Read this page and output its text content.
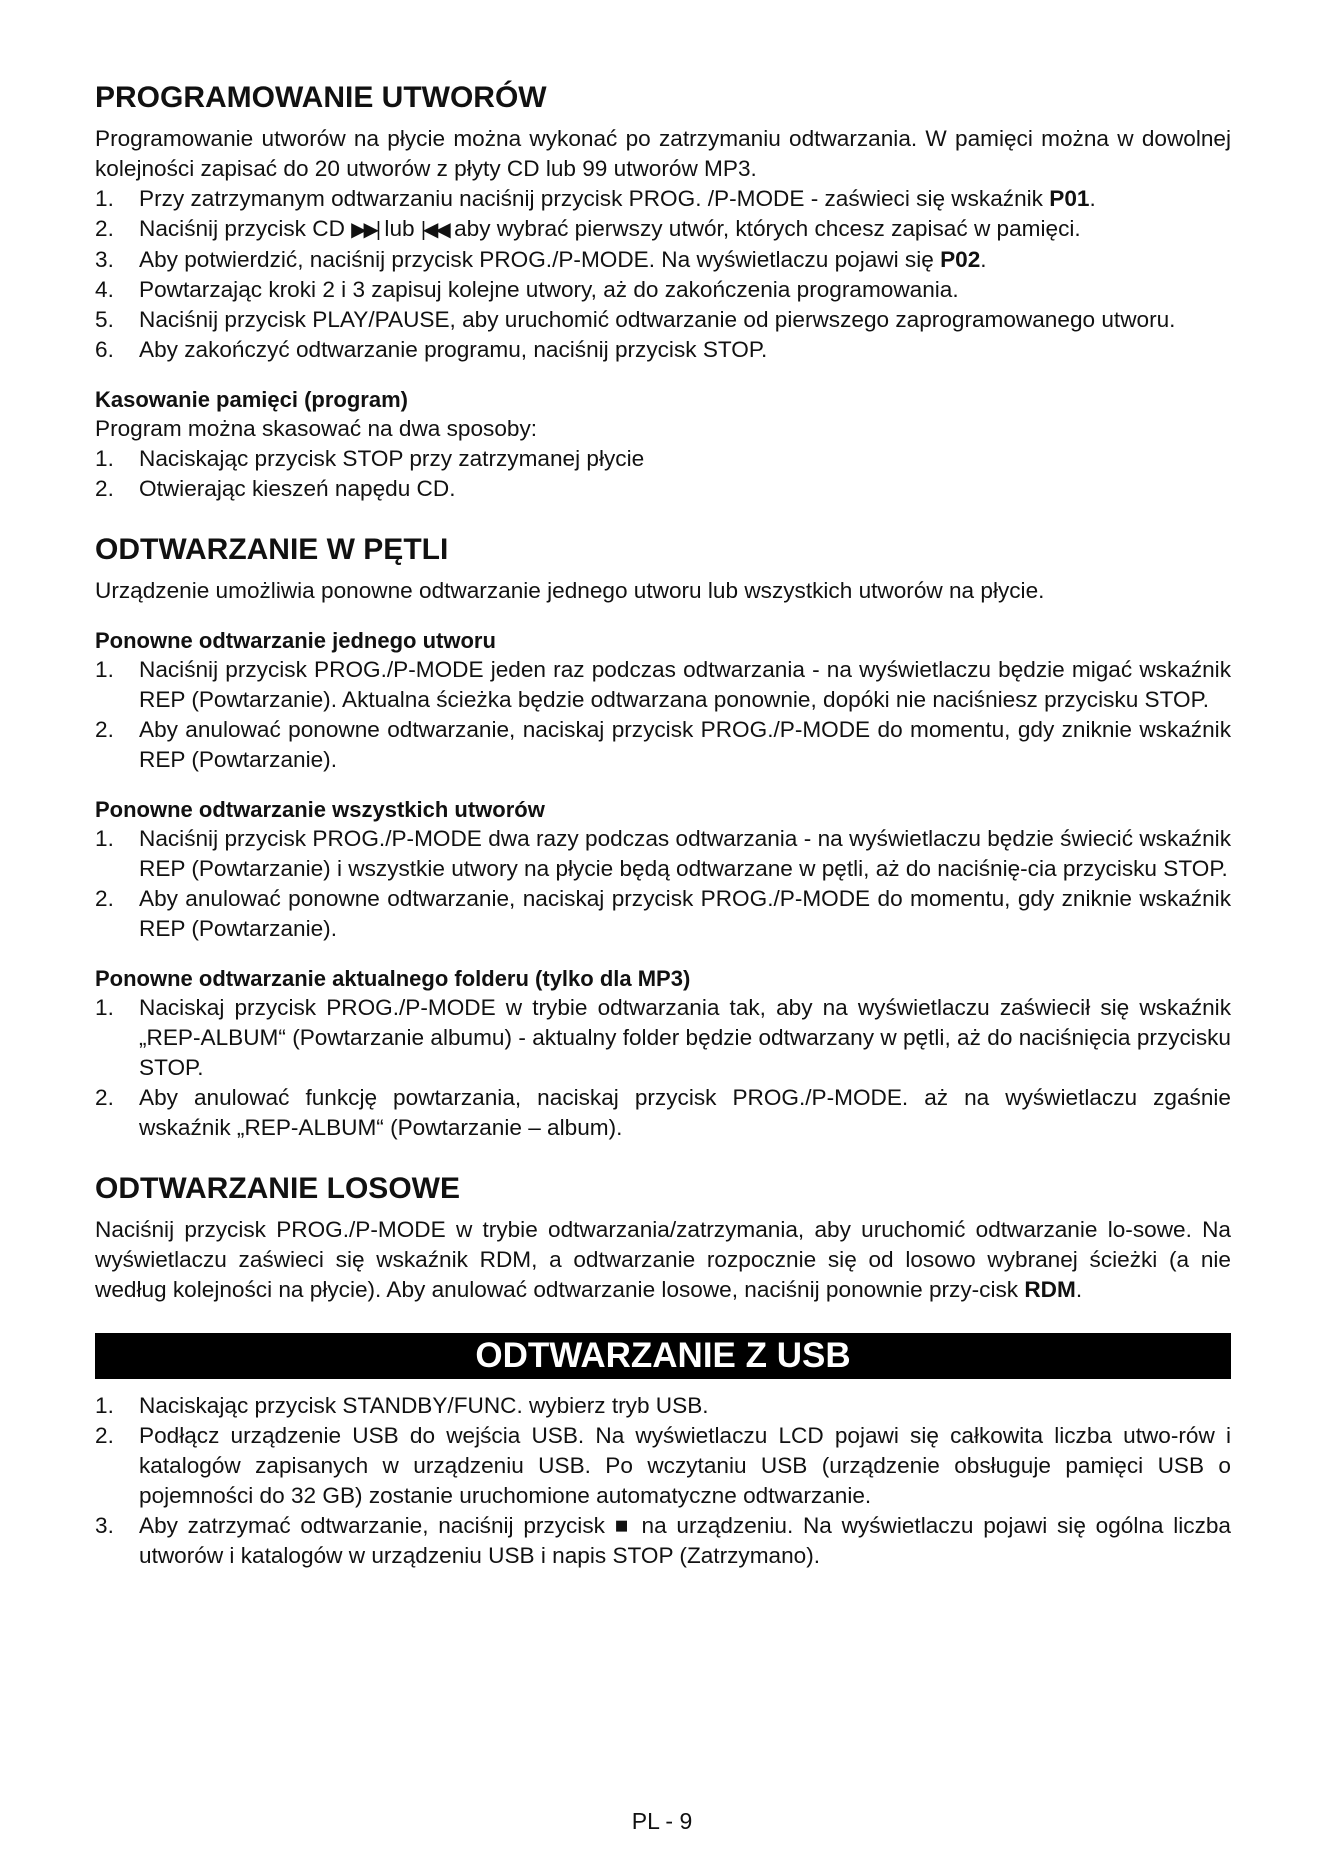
PROGRAMOWANIE UTWORÓW

Programowanie utworów na płycie można wykonać po zatrzymaniu odtwarzania. W pamięci można w dowolnej kolejności zapisać do 20 utworów z płyty CD lub 99 utworów MP3.

1. Przy zatrzymanym odtwarzaniu naciśnij przycisk PROG. /P-MODE - zaświeci się wskaźnik P01.
2. Naciśnij przycisk CD ▶▶| lub |◀◀ aby wybrać pierwszy utwór, których chcesz zapisać w pamięci.
3. Aby potwierdzić, naciśnij przycisk PROG./P-MODE. Na wyświetlaczu pojawi się P02.
4. Powtarzając kroki 2 i 3 zapisuj kolejne utwory, aż do zakończenia programowania.
5. Naciśnij przycisk PLAY/PAUSE, aby uruchomić odtwarzanie od pierwszego zaprogramowanego utworu.
6. Aby zakończyć odtwarzanie programu, naciśnij przycisk STOP.
Kasowanie pamięci (program)

Program można skasować na dwa sposoby:

1. Naciskając przycisk STOP przy zatrzymanej płycie
2. Otwierając kieszeń napędu CD.
ODTWARZANIE W PĘTLI

Urządzenie umożliwia ponowne odtwarzanie jednego utworu lub wszystkich utworów na płycie.

Ponowne odtwarzanie jednego utworu
1. Naciśnij przycisk PROG./P-MODE jeden raz podczas odtwarzania - na wyświetlaczu będzie migać wskaźnik REP (Powtarzanie). Aktualna ścieżka będzie odtwarzana ponownie, dopóki nie naciśniesz przycisku STOP.
2. Aby anulować ponowne odtwarzanie, naciskaj przycisk PROG./P-MODE do momentu, gdy zniknie wskaźnik REP (Powtarzanie).
Ponowne odtwarzanie wszystkich utworów
1. Naciśnij przycisk PROG./P-MODE dwa razy podczas odtwarzania - na wyświetlaczu będzie świecić wskaźnik REP (Powtarzanie) i wszystkie utwory na płycie będą odtwarzane w pętli, aż do naciśnię-cia przycisku STOP.
2. Aby anulować ponowne odtwarzanie, naciskaj przycisk PROG./P-MODE do momentu, gdy zniknie wskaźnik REP (Powtarzanie).
Ponowne odtwarzanie aktualnego folderu (tylko dla MP3)
1. Naciskaj przycisk PROG./P-MODE w trybie odtwarzania tak, aby na wyświetlaczu zaświecił się wskaźnik „REP-ALBUM“ (Powtarzanie albumu) - aktualny folder będzie odtwarzany w pętli, aż do naciśnięcia przycisku STOP.
2. Aby anulować funkcję powtarzania, naciskaj przycisk PROG./P-MODE. aż na wyświetlaczu zgaśnie wskaźnik „REP-ALBUM“ (Powtarzanie – album).
ODTWARZANIE LOSOWE

Naciśnij przycisk PROG./P-MODE w trybie odtwarzania/zatrzymania, aby uruchomić odtwarzanie lo-sowe. Na wyświetlaczu zaświeci się wskaźnik RDM, a odtwarzanie rozpocznie się od losowo wybranej ścieżki (a nie według kolejności na płycie). Aby anulować odtwarzanie losowe, naciśnij ponownie przy-cisk RDM.

ODTWARZANIE Z USB
1. Naciskając przycisk STANDBY/FUNC. wybierz tryb USB.
2. Podłącz urządzenie USB do wejścia USB. Na wyświetlaczu LCD pojawi się całkowita liczba utwo-rów i katalogów zapisanych w urządzeniu USB. Po wczytaniu USB (urządzenie obsługuje pamięci USB o pojemności do 32 GB) zostanie uruchomione automatyczne odtwarzanie.
3. Aby zatrzymać odtwarzanie, naciśnij przycisk ■ na urządzeniu. Na wyświetlaczu pojawi się ogólna liczba utworów i katalogów w urządzeniu USB i napis STOP (Zatrzymano).
PL - 9
